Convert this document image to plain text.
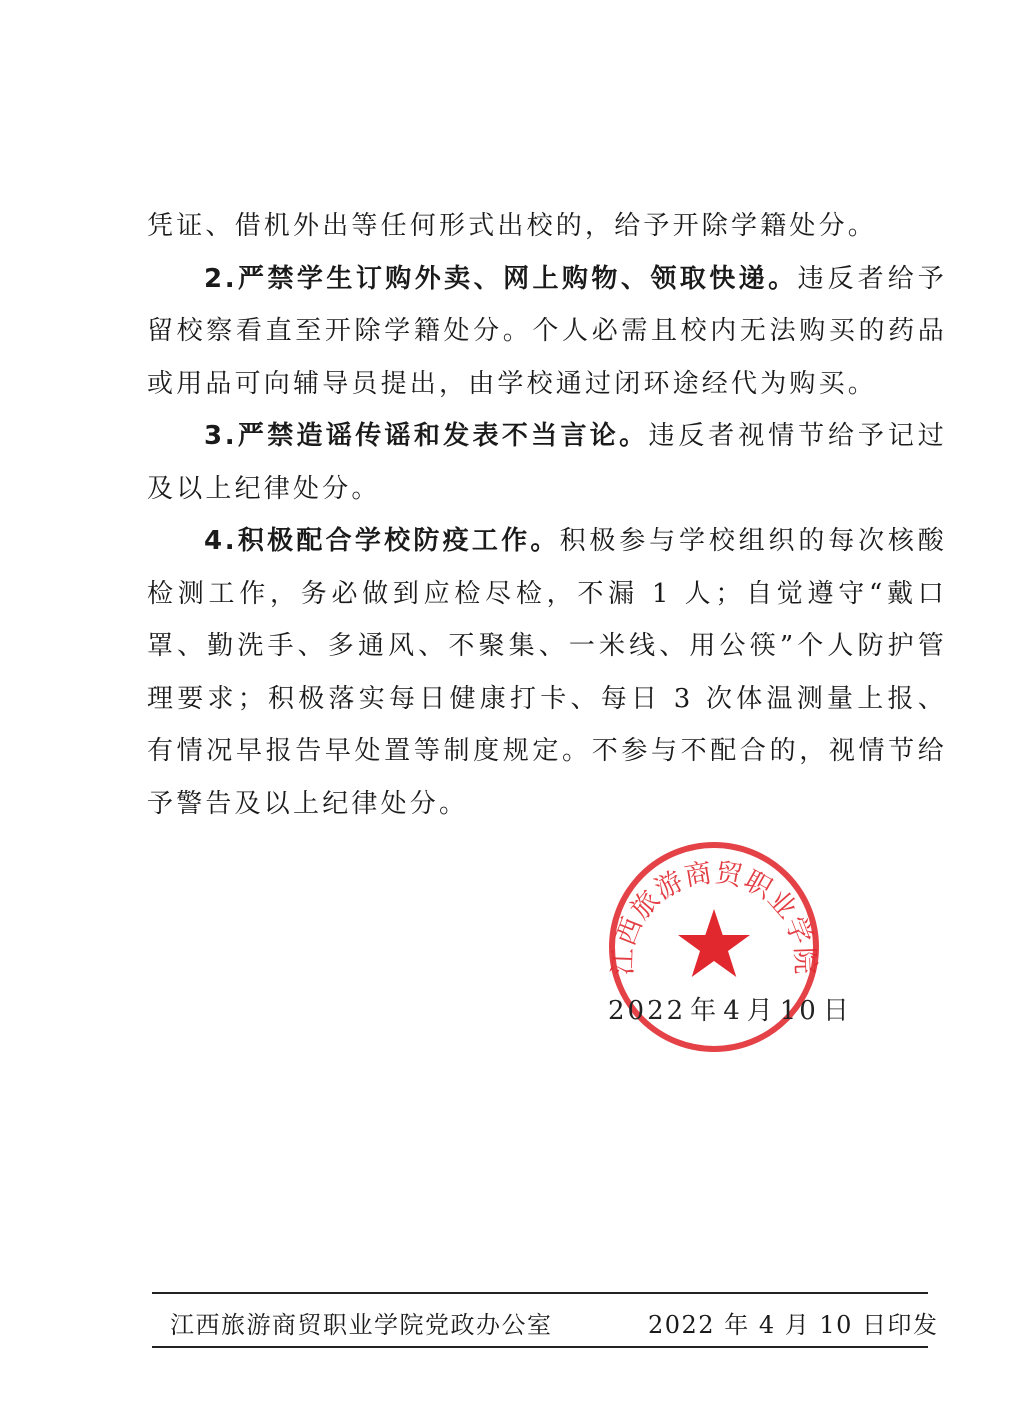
凭证、借机外出等任何形式出校的，给予开除学籍处分。

2.严禁学生订购外卖、网上购物、领取快递。违反者给予留校察看直至开除学籍处分。个人必需且校内无法购买的药品或用品可向辅导员提出，由学校通过闭环途经代为购买。

3.严禁造谣传谣和发表不当言论。违反者视情节给予记过及以上纪律处分。

4.积极配合学校防疫工作。积极参与学校组织的每次核酸检测工作，务必做到应检尽检，不漏 1 人；自觉遵守“戴口罩、勤洗手、多通风、不聚集、一米线、用公筷”个人防护管理要求；积极落实每日健康打卡、每日 3 次体温测量上报、有情况早报告早处置等制度规定。不参与不配合的，视情节给予警告及以上纪律处分。

江西旅游商贸职业学院
2022 年 4 月 10 日
江西旅游商贸职业学院党政办公室	2022 年 4 月 10 日印发
